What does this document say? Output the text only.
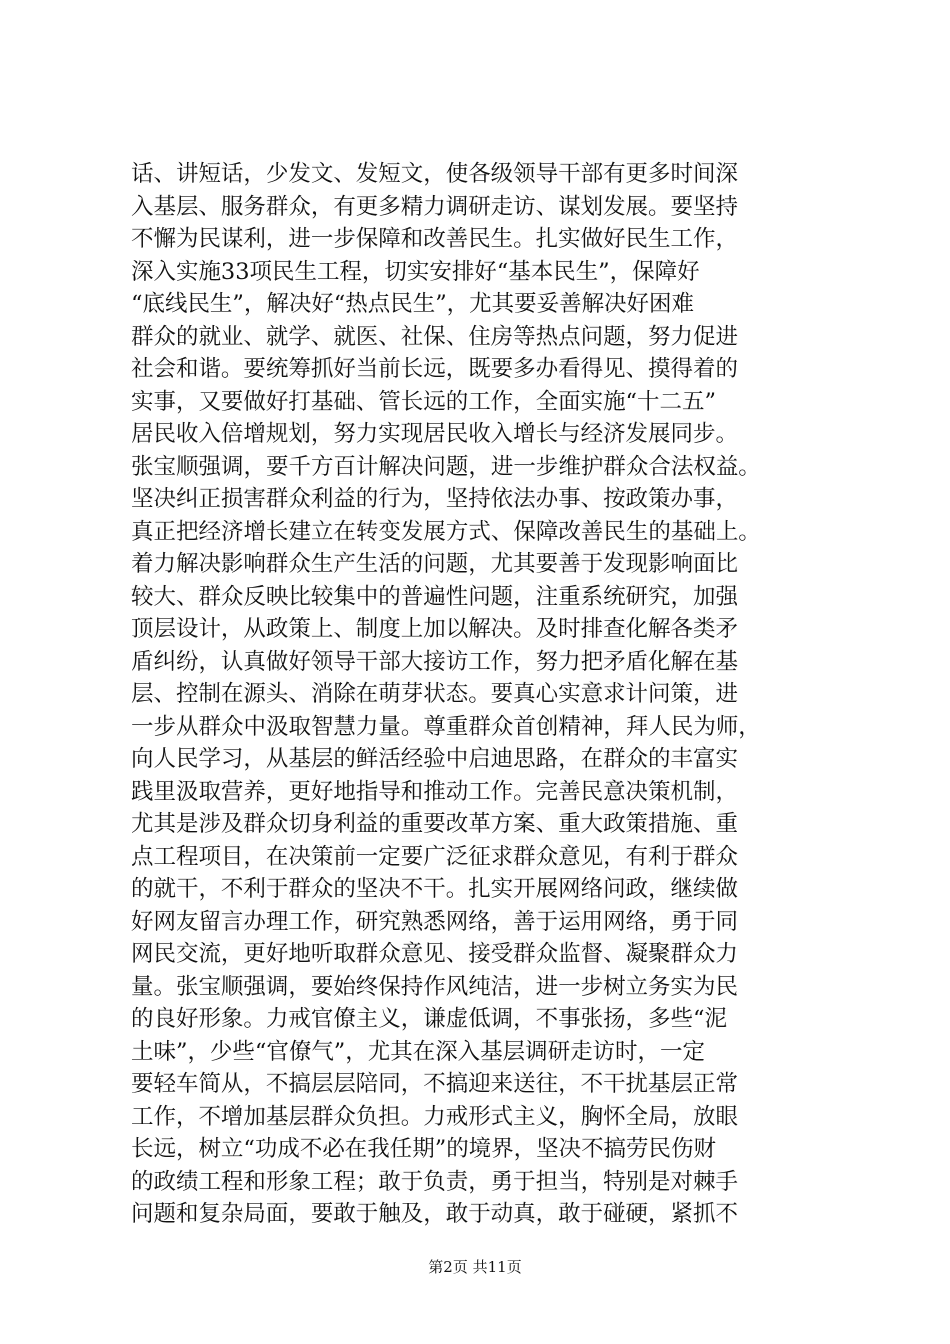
话、讲短话，少发文、发短文，使各级领导干部有更多时间深
入基层、服务群众，有更多精力调研走访、谋划发展。要坚持
不懈为民谋利，进一步保障和改善民生。扎实做好民生工作，
深入实施33项民生工程，切实安排好“基本民生”，保障好
“底线民生”，解决好“热点民生”，尤其要妥善解决好困难
群众的就业、就学、就医、社保、住房等热点问题，努力促进
社会和谐。要统筹抓好当前长远，既要多办看得见、摸得着的
实事，又要做好打基础、管长远的工作，全面实施“十二五”
居民收入倍增规划，努力实现居民收入增长与经济发展同步。
张宝顺强调，要千方百计解决问题，进一步维护群众合法权益。
坚决纠正损害群众利益的行为，坚持依法办事、按政策办事，
真正把经济增长建立在转变发展方式、保障改善民生的基础上。
着力解决影响群众生产生活的问题，尤其要善于发现影响面比
较大、群众反映比较集中的普遍性问题，注重系统研究，加强
顶层设计，从政策上、制度上加以解决。及时排查化解各类矛
盾纠纷，认真做好领导干部大接访工作，努力把矛盾化解在基
层、控制在源头、消除在萌芽状态。要真心实意求计问策，进
一步从群众中汲取智慧力量。尊重群众首创精神，拜人民为师，
向人民学习，从基层的鲜活经验中启迪思路，在群众的丰富实
践里汲取营养，更好地指导和推动工作。完善民意决策机制，
尤其是涉及群众切身利益的重要改革方案、重大政策措施、重
点工程项目，在决策前一定要广泛征求群众意见，有利于群众
的就干，不利于群众的坚决不干。扎实开展网络问政，继续做
好网友留言办理工作，研究熟悉网络，善于运用网络，勇于同
网民交流，更好地听取群众意见、接受群众监督、凝聚群众力
量。张宝顺强调，要始终保持作风纯洁，进一步树立务实为民
的良好形象。力戒官僚主义，谦虚低调，不事张扬，多些“泥
土味”，少些“官僚气”，尤其在深入基层调研走访时，一定
要轻车简从，不搞层层陪同，不搞迎来送往，不干扰基层正常
工作，不增加基层群众负担。力戒形式主义，胸怀全局，放眼
长远，树立“功成不必在我任期”的境界，坚决不搞劳民伤财
的政绩工程和形象工程；敢于负责，勇于担当，特别是对棘手
问题和复杂局面，要敢于触及，敢于动真，敢于碰硬，紧抓不
第2页 共11页
